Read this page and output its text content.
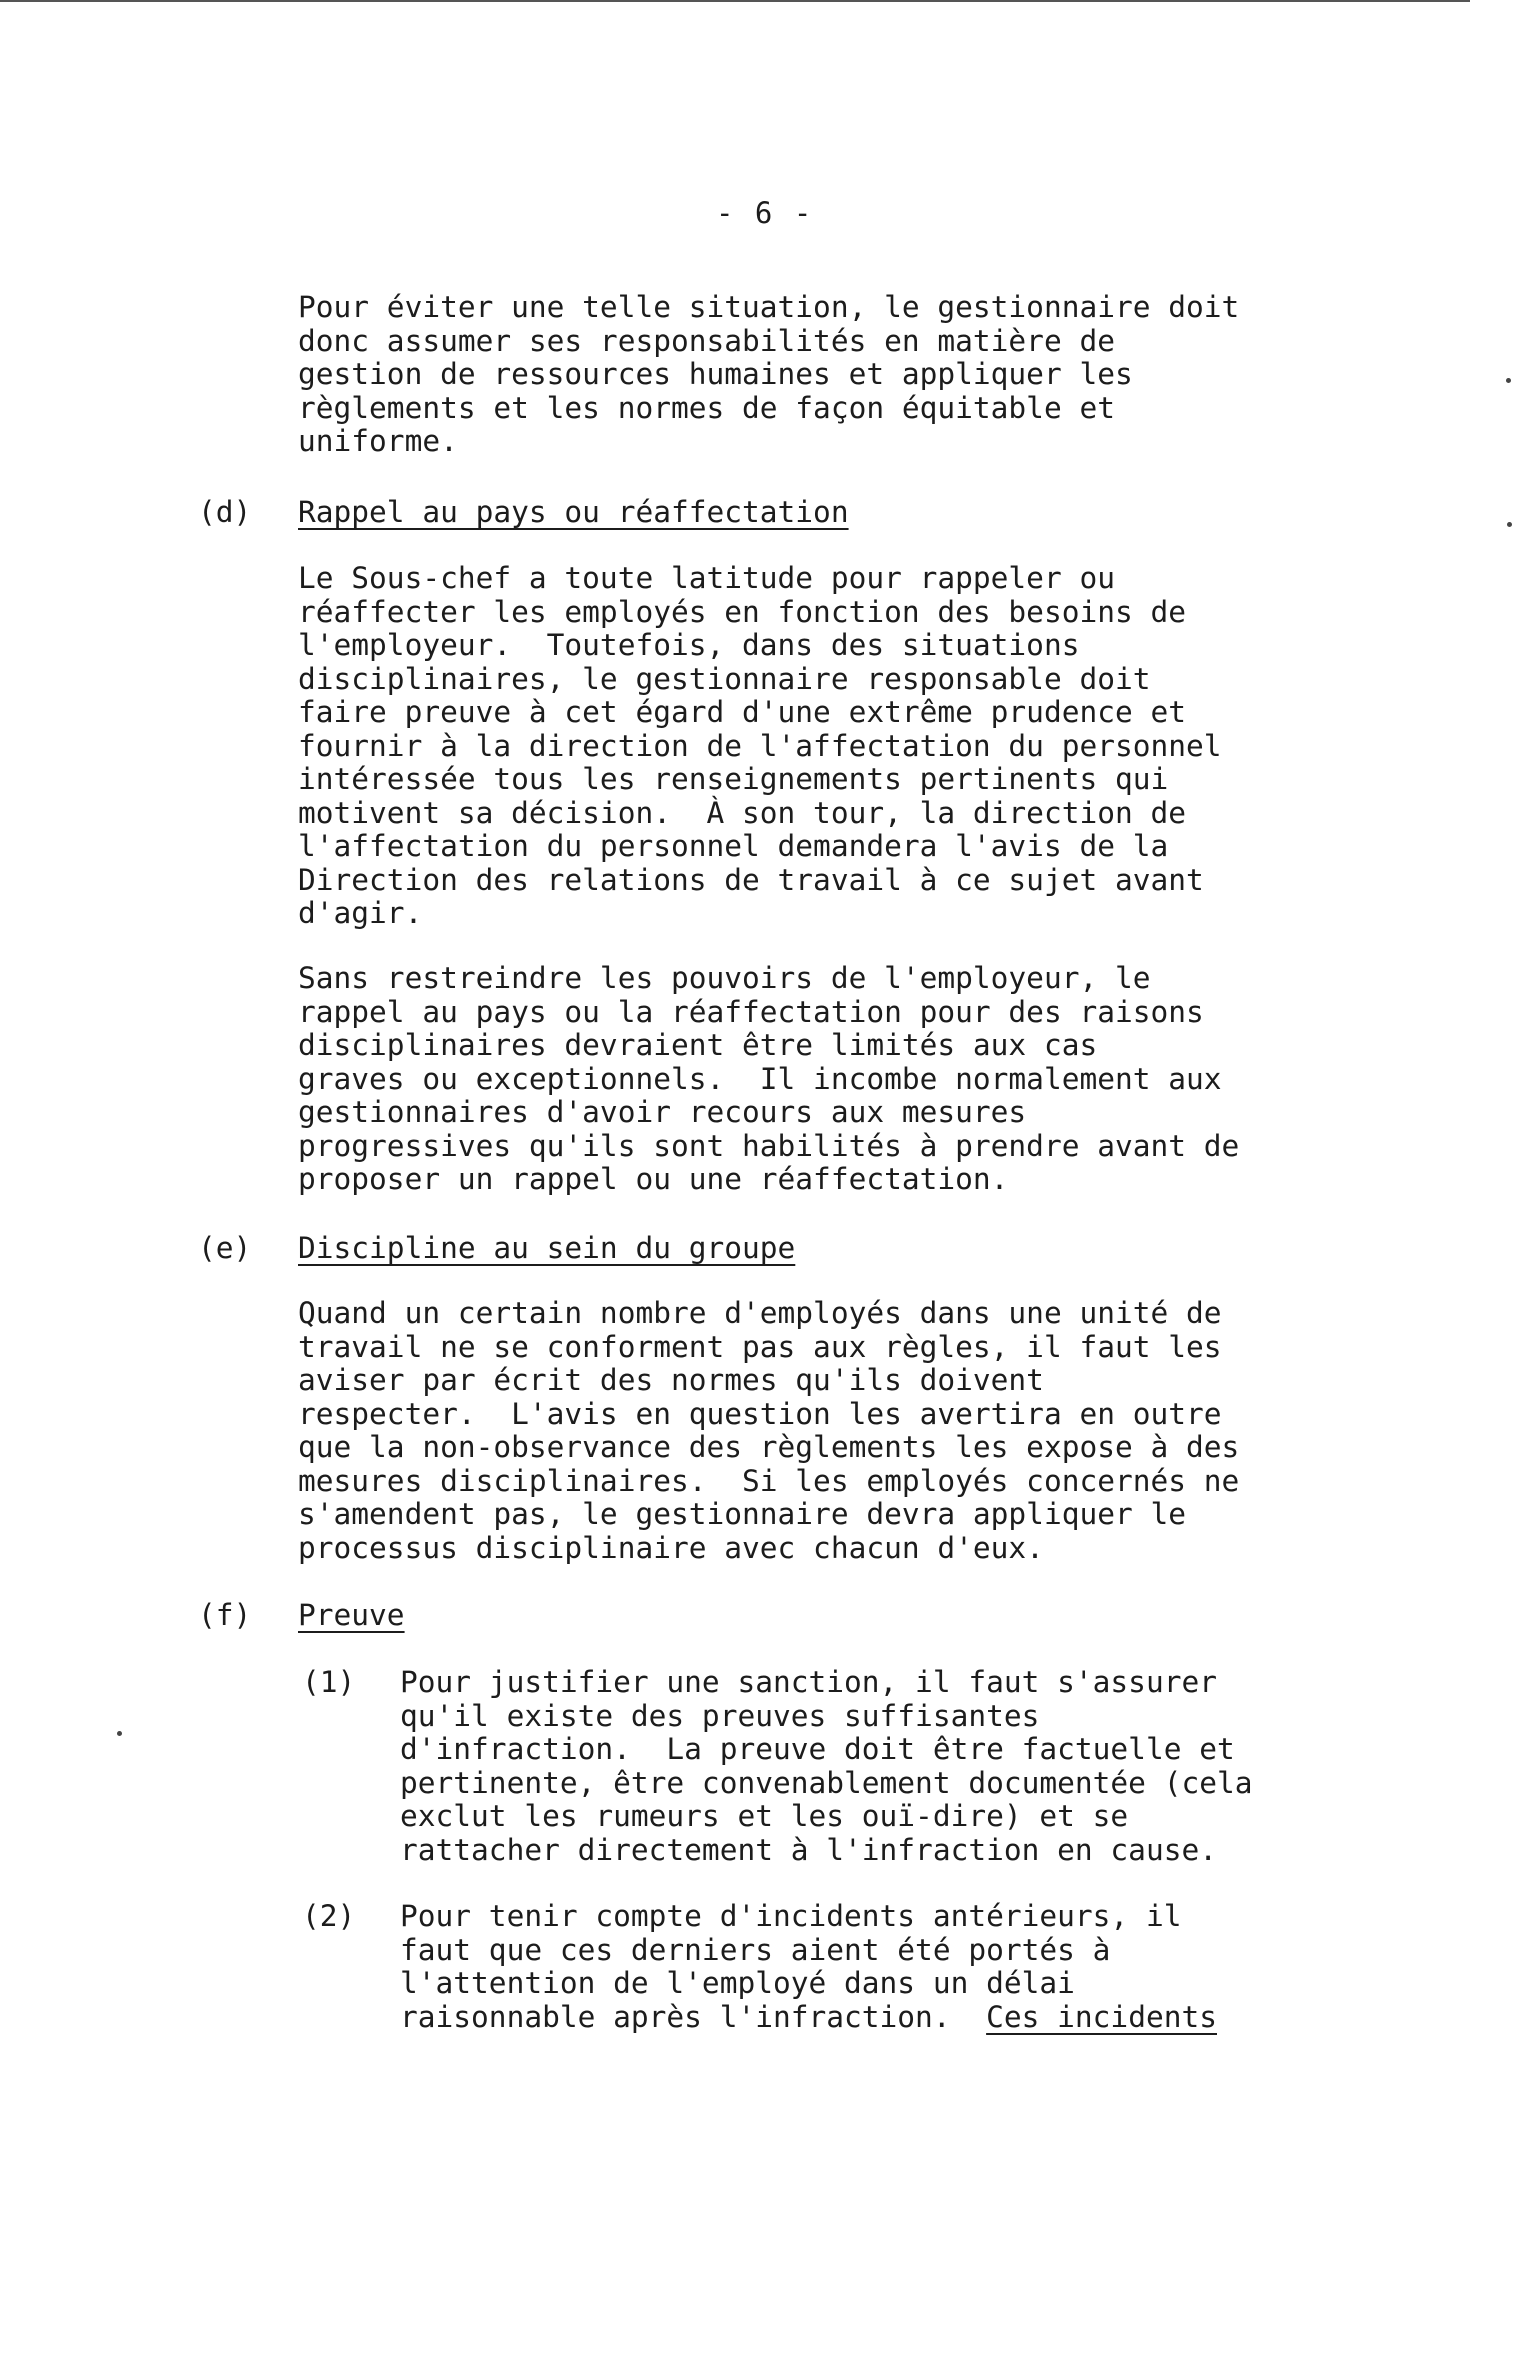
- 6 -

Pour éviter une telle situation, le gestionnaire doit
donc assumer ses responsabilités en matière de
gestion de ressources humaines et appliquer les
règlements et les normes de façon équitable et
uniforme.

(d) Rappel au pays ou réaffectation

Le Sous-chef a toute latitude pour rappeler ou
réaffecter les employés en fonction des besoins de
l'employeur.  Toutefois, dans des situations
disciplinaires, le gestionnaire responsable doit
faire preuve à cet égard d'une extrême prudence et
fournir à la direction de l'affectation du personnel
intéressée tous les renseignements pertinents qui
motivent sa décision.  À son tour, la direction de
l'affectation du personnel demandera l'avis de la
Direction des relations de travail à ce sujet avant
d'agir.

Sans restreindre les pouvoirs de l'employeur, le
rappel au pays ou la réaffectation pour des raisons
disciplinaires devraient être limités aux cas
graves ou exceptionnels.  Il incombe normalement aux
gestionnaires d'avoir recours aux mesures
progressives qu'ils sont habilités à prendre avant de
proposer un rappel ou une réaffectation.

(e) Discipline au sein du groupe

Quand un certain nombre d'employés dans une unité de
travail ne se conforment pas aux règles, il faut les
aviser par écrit des normes qu'ils doivent
respecter.  L'avis en question les avertira en outre
que la non-observance des règlements les expose à des
mesures disciplinaires.  Si les employés concernés ne
s'amendent pas, le gestionnaire devra appliquer le
processus disciplinaire avec chacun d'eux.

(f) Preuve
(1) Pour justifier une sanction, il faut s'assurer
qu'il existe des preuves suffisantes
d'infraction.  La preuve doit être factuelle et
pertinente, être convenablement documentée (cela
exclut les rumeurs et les ouï-dire) et se
rattacher directement à l'infraction en cause.

(2) Pour tenir compte d'incidents antérieurs, il
faut que ces derniers aient été portés à
l'attention de l'employé dans un délai
raisonnable après l'infraction.  Ces incidents
